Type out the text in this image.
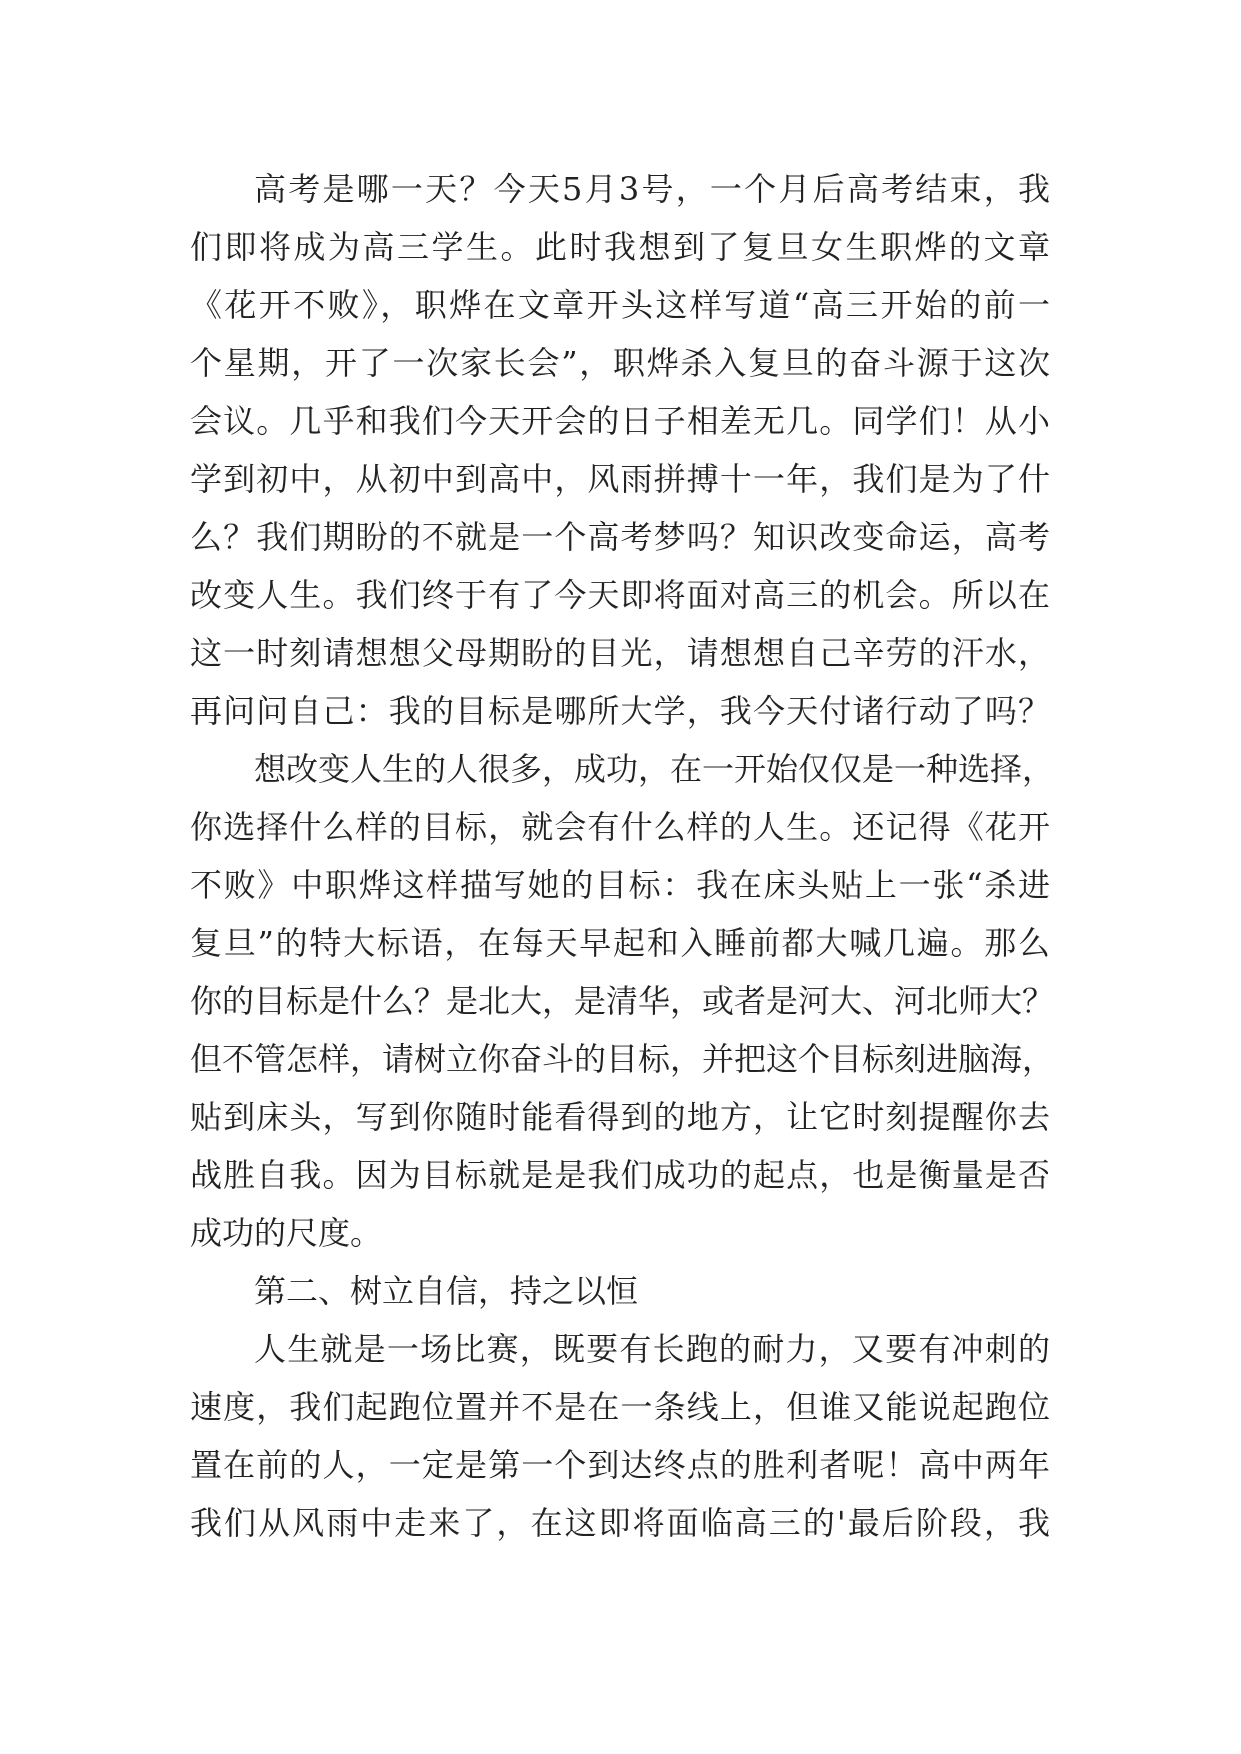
高考是哪一天？今天5月3号，一个月后高考结束，我
们即将成为高三学生。此时我想到了复旦女生职烨的文章
《花开不败》，职烨在文章开头这样写道“高三开始的前一
个星期，开了一次家长会”，职烨杀入复旦的奋斗源于这次
会议。几乎和我们今天开会的日子相差无几。同学们！从小
学到初中，从初中到高中，风雨拼搏十一年，我们是为了什
么？我们期盼的不就是一个高考梦吗？知识改变命运，高考
改变人生。我们终于有了今天即将面对高三的机会。所以在
这一时刻请想想父母期盼的目光，请想想自己辛劳的汗水，
再问问自己：我的目标是哪所大学，我今天付诸行动了吗？
想改变人生的人很多，成功，在一开始仅仅是一种选择，
你选择什么样的目标，就会有什么样的人生。还记得《花开
不败》中职烨这样描写她的目标：我在床头贴上一张“杀进
复旦”的特大标语，在每天早起和入睡前都大喊几遍。那么
你的目标是什么？是北大，是清华，或者是河大、河北师大？
但不管怎样，请树立你奋斗的目标，并把这个目标刻进脑海，
贴到床头，写到你随时能看得到的地方，让它时刻提醒你去
战胜自我。因为目标就是是我们成功的起点，也是衡量是否
成功的尺度。
第二、树立自信，持之以恒
人生就是一场比赛，既要有长跑的耐力，又要有冲刺的
速度，我们起跑位置并不是在一条线上，但谁又能说起跑位
置在前的人，一定是第一个到达终点的胜利者呢！高中两年
我们从风雨中走来了，在这即将面临高三的'最后阶段，我
